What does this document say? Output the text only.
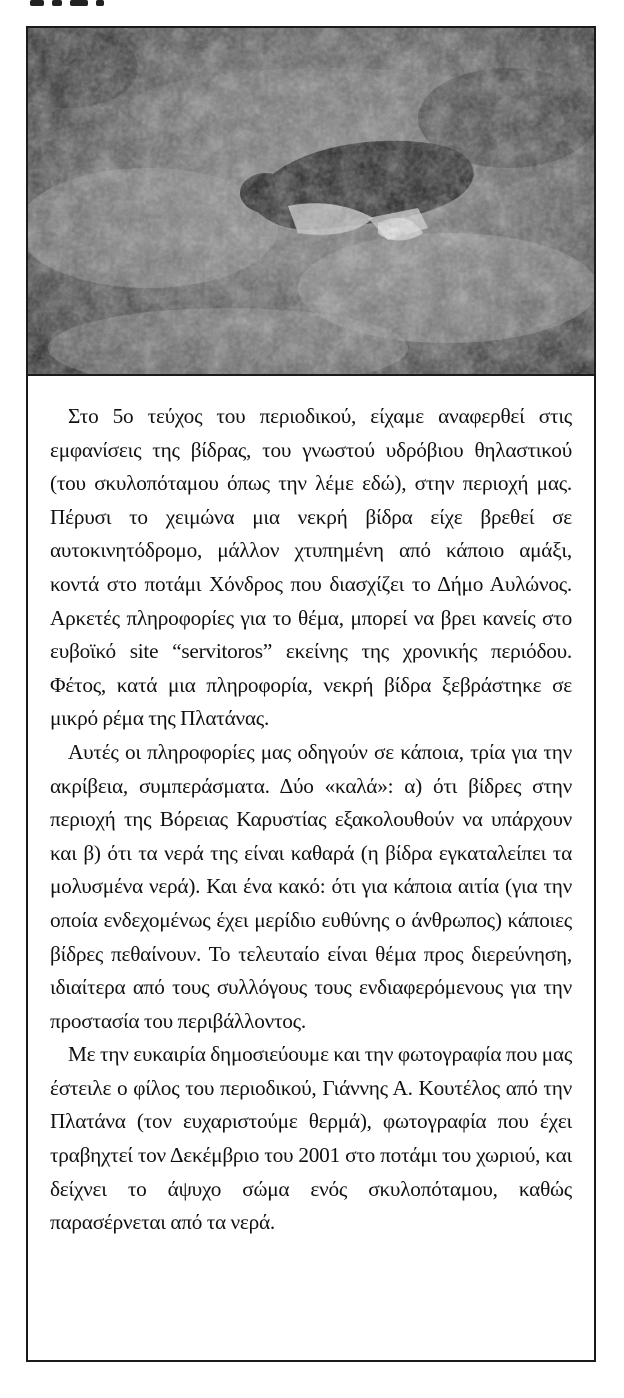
Στο 5ο τεύχος του περιοδικού, είχαμε αναφερθεί στις εμφανίσεις της βίδρας, του γνωστού υδρόβιου θηλαστικού (του σκυλοπόταμου όπως την λέμε εδώ), στην περιοχή μας. Πέρυσι το χειμώνα μια νεκρή βίδρα είχε βρεθεί σε αυτοκινητόδρομο, μάλλον χτυπημένη από κάποιο αμάξι, κοντά στο ποτάμι Χόνδρος που διασχίζει το Δήμο Αυλώνος. Αρκετές πληροφορίες για το θέμα, μπορεί να βρει κανείς στο ευβοϊκό site “servitoros” εκείνης της χρονικής περιόδου. Φέτος, κατά μια πληροφορία, νεκρή βίδρα ξεβράστηκε σε μικρό ρέμα της Πλατάνας.

Αυτές οι πληροφορίες μας οδηγούν σε κάποια, τρία για την ακρίβεια, συμπεράσματα. Δύο «καλά»: α) ότι βίδρες στην περιοχή της Βόρειας Καρυστίας εξακολουθούν να υπάρχουν και β) ότι τα νερά της είναι καθαρά (η βίδρα εγκαταλείπει τα μολυσμένα νερά). Και ένα κακό: ότι για κάποια αιτία (για την οποία ενδεχομένως έχει μερίδιο ευθύνης ο άνθρωπος) κάποιες βίδρες πεθαίνουν. Το τελευταίο είναι θέμα προς διερεύνηση, ιδιαίτερα από τους συλλόγους τους ενδιαφερόμενους για την προστασία του περιβάλλοντος.

Με την ευκαιρία δημοσιεύουμε και την φωτογραφία που μας έστειλε ο φίλος του περιοδικού, Γιάννης Α. Κουτέλος από την Πλατάνα (τον ευχαριστούμε θερμά), φωτογραφία που έχει τραβηχτεί τον Δεκέμβριο του 2001 στο ποτάμι του χωριού, και δείχνει το άψυχο σώμα ενός σκυλοπόταμου, καθώς παρασέρνεται από τα νερά.
